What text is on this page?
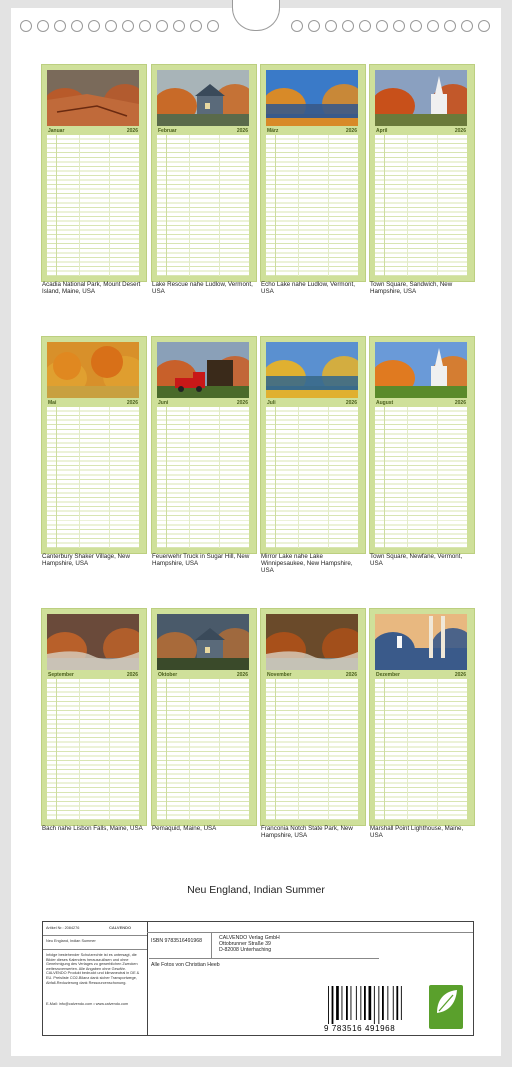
Januar	2026
Acadia National Park, Mount Desert Island, Maine, USA
Februar	2026
Lake Rescue nahe Ludlow, Vermont, USA
März	2026
Echo Lake nahe Ludlow, Vermont, USA
April	2026
Town Square, Sandwich, New Hampshire, USA
Mai	2026
Canterbury Shaker Village, New Hampshire, USA
Juni	2026
Feuerwehr Truck in Sugar Hill, New Hampshire, USA
Juli	2026
Mirror Lake nahe Lake Winnipesaukee, New Hampshire, USA
August	2026
Town Square, Newfane, Vermont, USA
September	2026
Bach nahe Lisbon Falls, Maine, USA
Oktober	2026
Pemaquid, Maine, USA
November	2026
Franconia Notch State Park, New Hampshire, USA
Dezember	2026
Marshall Point Lighthouse, Maine, USA
Neu England, Indian Summer
Artikel Nr.: 2084276	CALVENDO
Neu England, Indian Summer
Infolge bestehender Schutzrechte ist es untersagt, die Bilder dieses Kalenders herauszulösen und ohne Genehmigung des Verlages zu gewerblichen Zwecken weiterzuverwerten. Alle Angaben ohne Gewähr. CALVENDO Produkt bedruckt und klimaneutral in DE & EU. Preisliste CO2-Bilanz dank sicher Transportwege, Abfall-Reduzierung dank Ressourcenschonung.
E-Mail: info@calvendo.com • www.calvendo.com
ISBN 9783516491968	CALVENDO Verlag GmbH
Ottobrunner Straße 39
D-82008 Unterhaching
Alle Fotos von Christian Heeb
9 783516 491968
eco
